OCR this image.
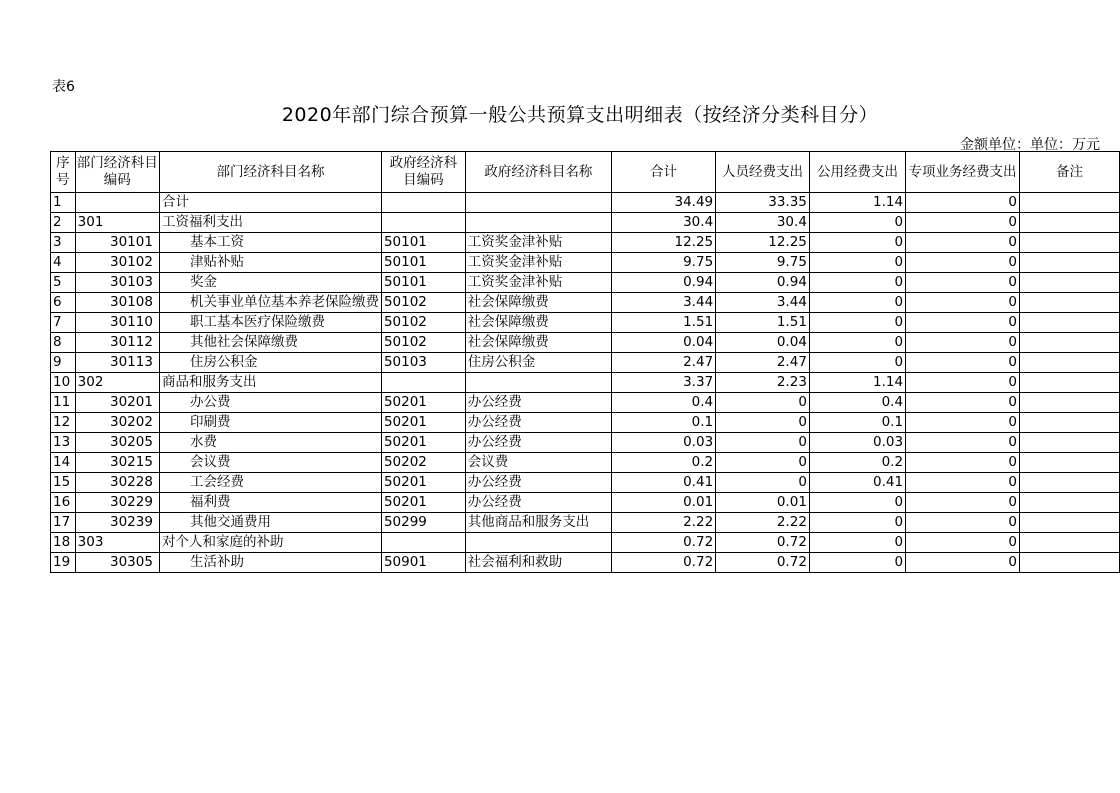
表6
2020年部门综合预算一般公共预算支出明细表（按经济分类科目分）
金额单位：单位：万元
序号	部门经济科目编码	部门经济科目名称	政府经济科目编码	政府经济科目名称	合计	人员经费支出	公用经费支出	专项业务经费支出	备注
1		合计			34.49	33.35	1.14	0	
2	301	工资福利支出			30.4	30.4	0	0	
3	30101	基本工资	50101	工资奖金津补贴	12.25	12.25	0	0	
4	30102	津贴补贴	50101	工资奖金津补贴	9.75	9.75	0	0	
5	30103	奖金	50101	工资奖金津补贴	0.94	0.94	0	0	
6	30108	机关事业单位基本养老保险缴费	50102	社会保障缴费	3.44	3.44	0	0	
7	30110	职工基本医疗保险缴费	50102	社会保障缴费	1.51	1.51	0	0	
8	30112	其他社会保障缴费	50102	社会保障缴费	0.04	0.04	0	0	
9	30113	住房公积金	50103	住房公积金	2.47	2.47	0	0	
10	302	商品和服务支出			3.37	2.23	1.14	0	
11	30201	办公费	50201	办公经费	0.4	0	0.4	0	
12	30202	印刷费	50201	办公经费	0.1	0	0.1	0	
13	30205	水费	50201	办公经费	0.03	0	0.03	0	
14	30215	会议费	50202	会议费	0.2	0	0.2	0	
15	30228	工会经费	50201	办公经费	0.41	0	0.41	0	
16	30229	福利费	50201	办公经费	0.01	0.01	0	0	
17	30239	其他交通费用	50299	其他商品和服务支出	2.22	2.22	0	0	
18	303	对个人和家庭的补助			0.72	0.72	0	0	
19	30305	生活补助	50901	社会福利和救助	0.72	0.72	0	0	
